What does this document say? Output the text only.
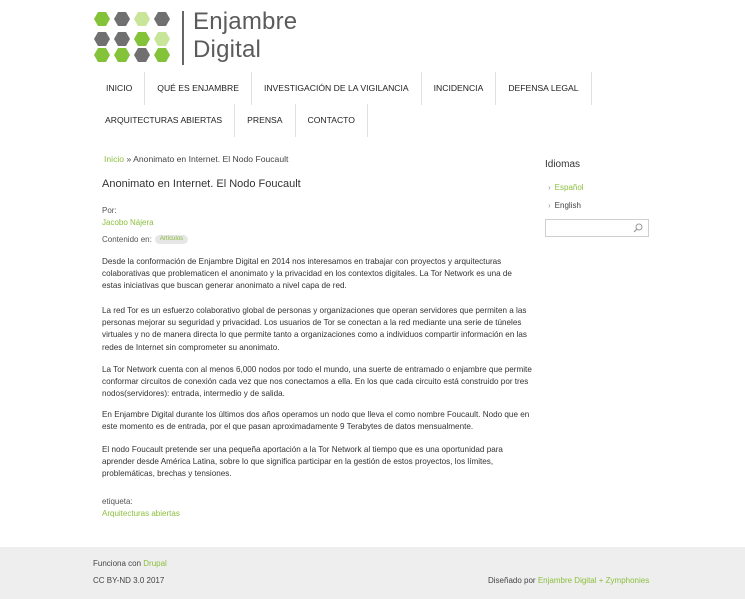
Enjambre
Digital
INICIO	QUÉ ES ENJAMBRE	INVESTIGACIÓN DE LA VIGILANCIA	INCIDENCIA	DEFENSA LEGAL
ARQUITECTURAS ABIERTAS	PRENSA	CONTACTO
Inicio » Anonimato en Internet. El Nodo Foucault
Anonimato en Internet. El Nodo Foucault
Por:
Jacobo Nájera
Contenido en: Artículos
Desde la conformación de Enjambre Digital en 2014 nos interesamos en trabajar con proyectos y arquitecturas colaborativas que problematicen el anonimato y la privacidad en los contextos digitales. La Tor Network es una de estas iniciativas que buscan generar anonimato a nivel capa de red.
La red Tor es un esfuerzo colaborativo global de personas y organizaciones que operan servidores que permiten a las personas mejorar su seguridad y privacidad. Los usuarios de Tor se conectan a la red mediante una serie de túneles virtuales y no de manera directa lo que permite tanto a organizaciones como a individuos compartir información en las redes de Internet sin comprometer su anonimato.
La Tor Network cuenta con al menos 6,000 nodos por todo el mundo, una suerte de entramado o enjambre que permite conformar circuitos de conexión cada vez que nos conectamos a ella. En los que cada circuito está construido por tres nodos(servidores): entrada, intermedio y de salida.
En Enjambre Digital durante los últimos dos años operamos un nodo que lleva el como nombre Foucault. Nodo que en este momento es de entrada, por el que pasan aproximadamente 9 Terabytes de datos mensualmente.
El nodo Foucault pretende ser una pequeña aportación a la Tor Network al tiempo que es una oportunidad para aprender desde América Latina, sobre lo que significa participar en la gestión de estos proyectos, los límites, problemáticas, brechas y tensiones.
etiqueta:
Arquitecturas abiertas
Idiomas
› Español
› English
Funciona con Drupal
CC BY-ND 3.0 2017	Diseñado por Enjambre Digital + Zymphonies
